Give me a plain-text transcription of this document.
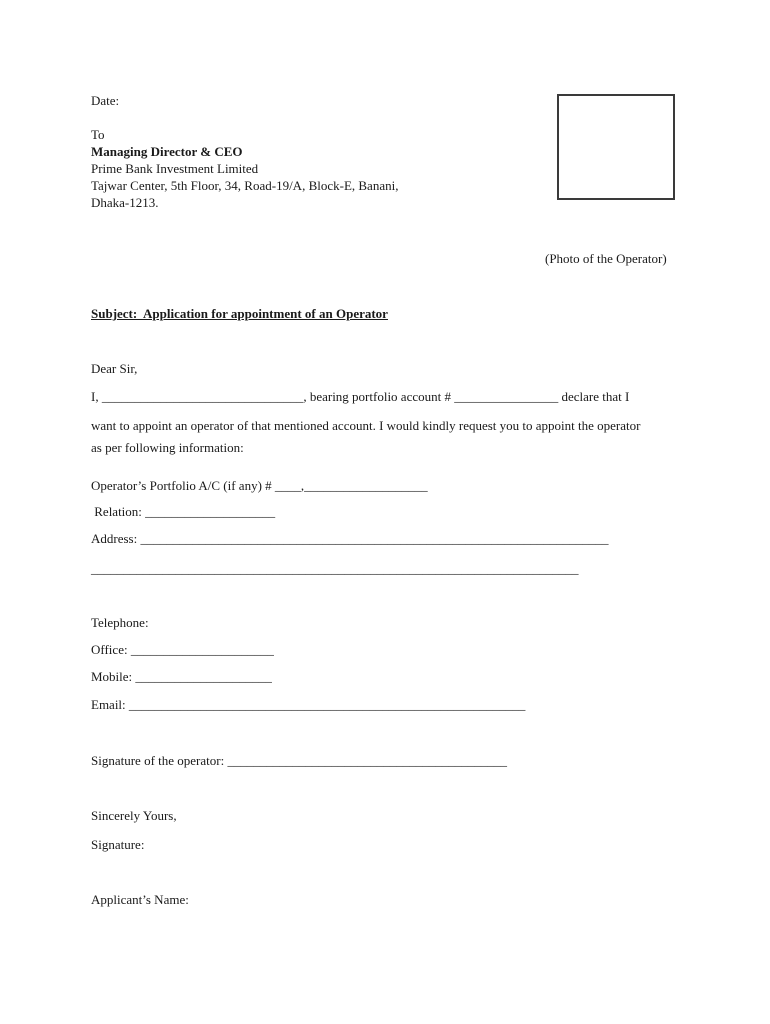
Date:
To
Managing Director & CEO
Prime Bank Investment Limited
Tajwar Center, 5th Floor, 34, Road-19/A, Block-E, Banani,
Dhaka-1213.
(Photo of the Operator)
Subject:  Application for appointment of an Operator
Dear Sir,
I, _______________________________, bearing portfolio account # ________________ declare that I
want to appoint an operator of that mentioned account. I would kindly request you to appoint the operator
as per following information:
Operator’s Portfolio A/C (if any) # ____,___________________
Relation: ____________________
Address: ________________________________________________________________________
___________________________________________________________________________
Telephone:
Office: ______________________
Mobile: _____________________
Email: _____________________________________________________________
Signature of the operator: ___________________________________________
Sincerely Yours,
Signature:
Applicant’s Name:
